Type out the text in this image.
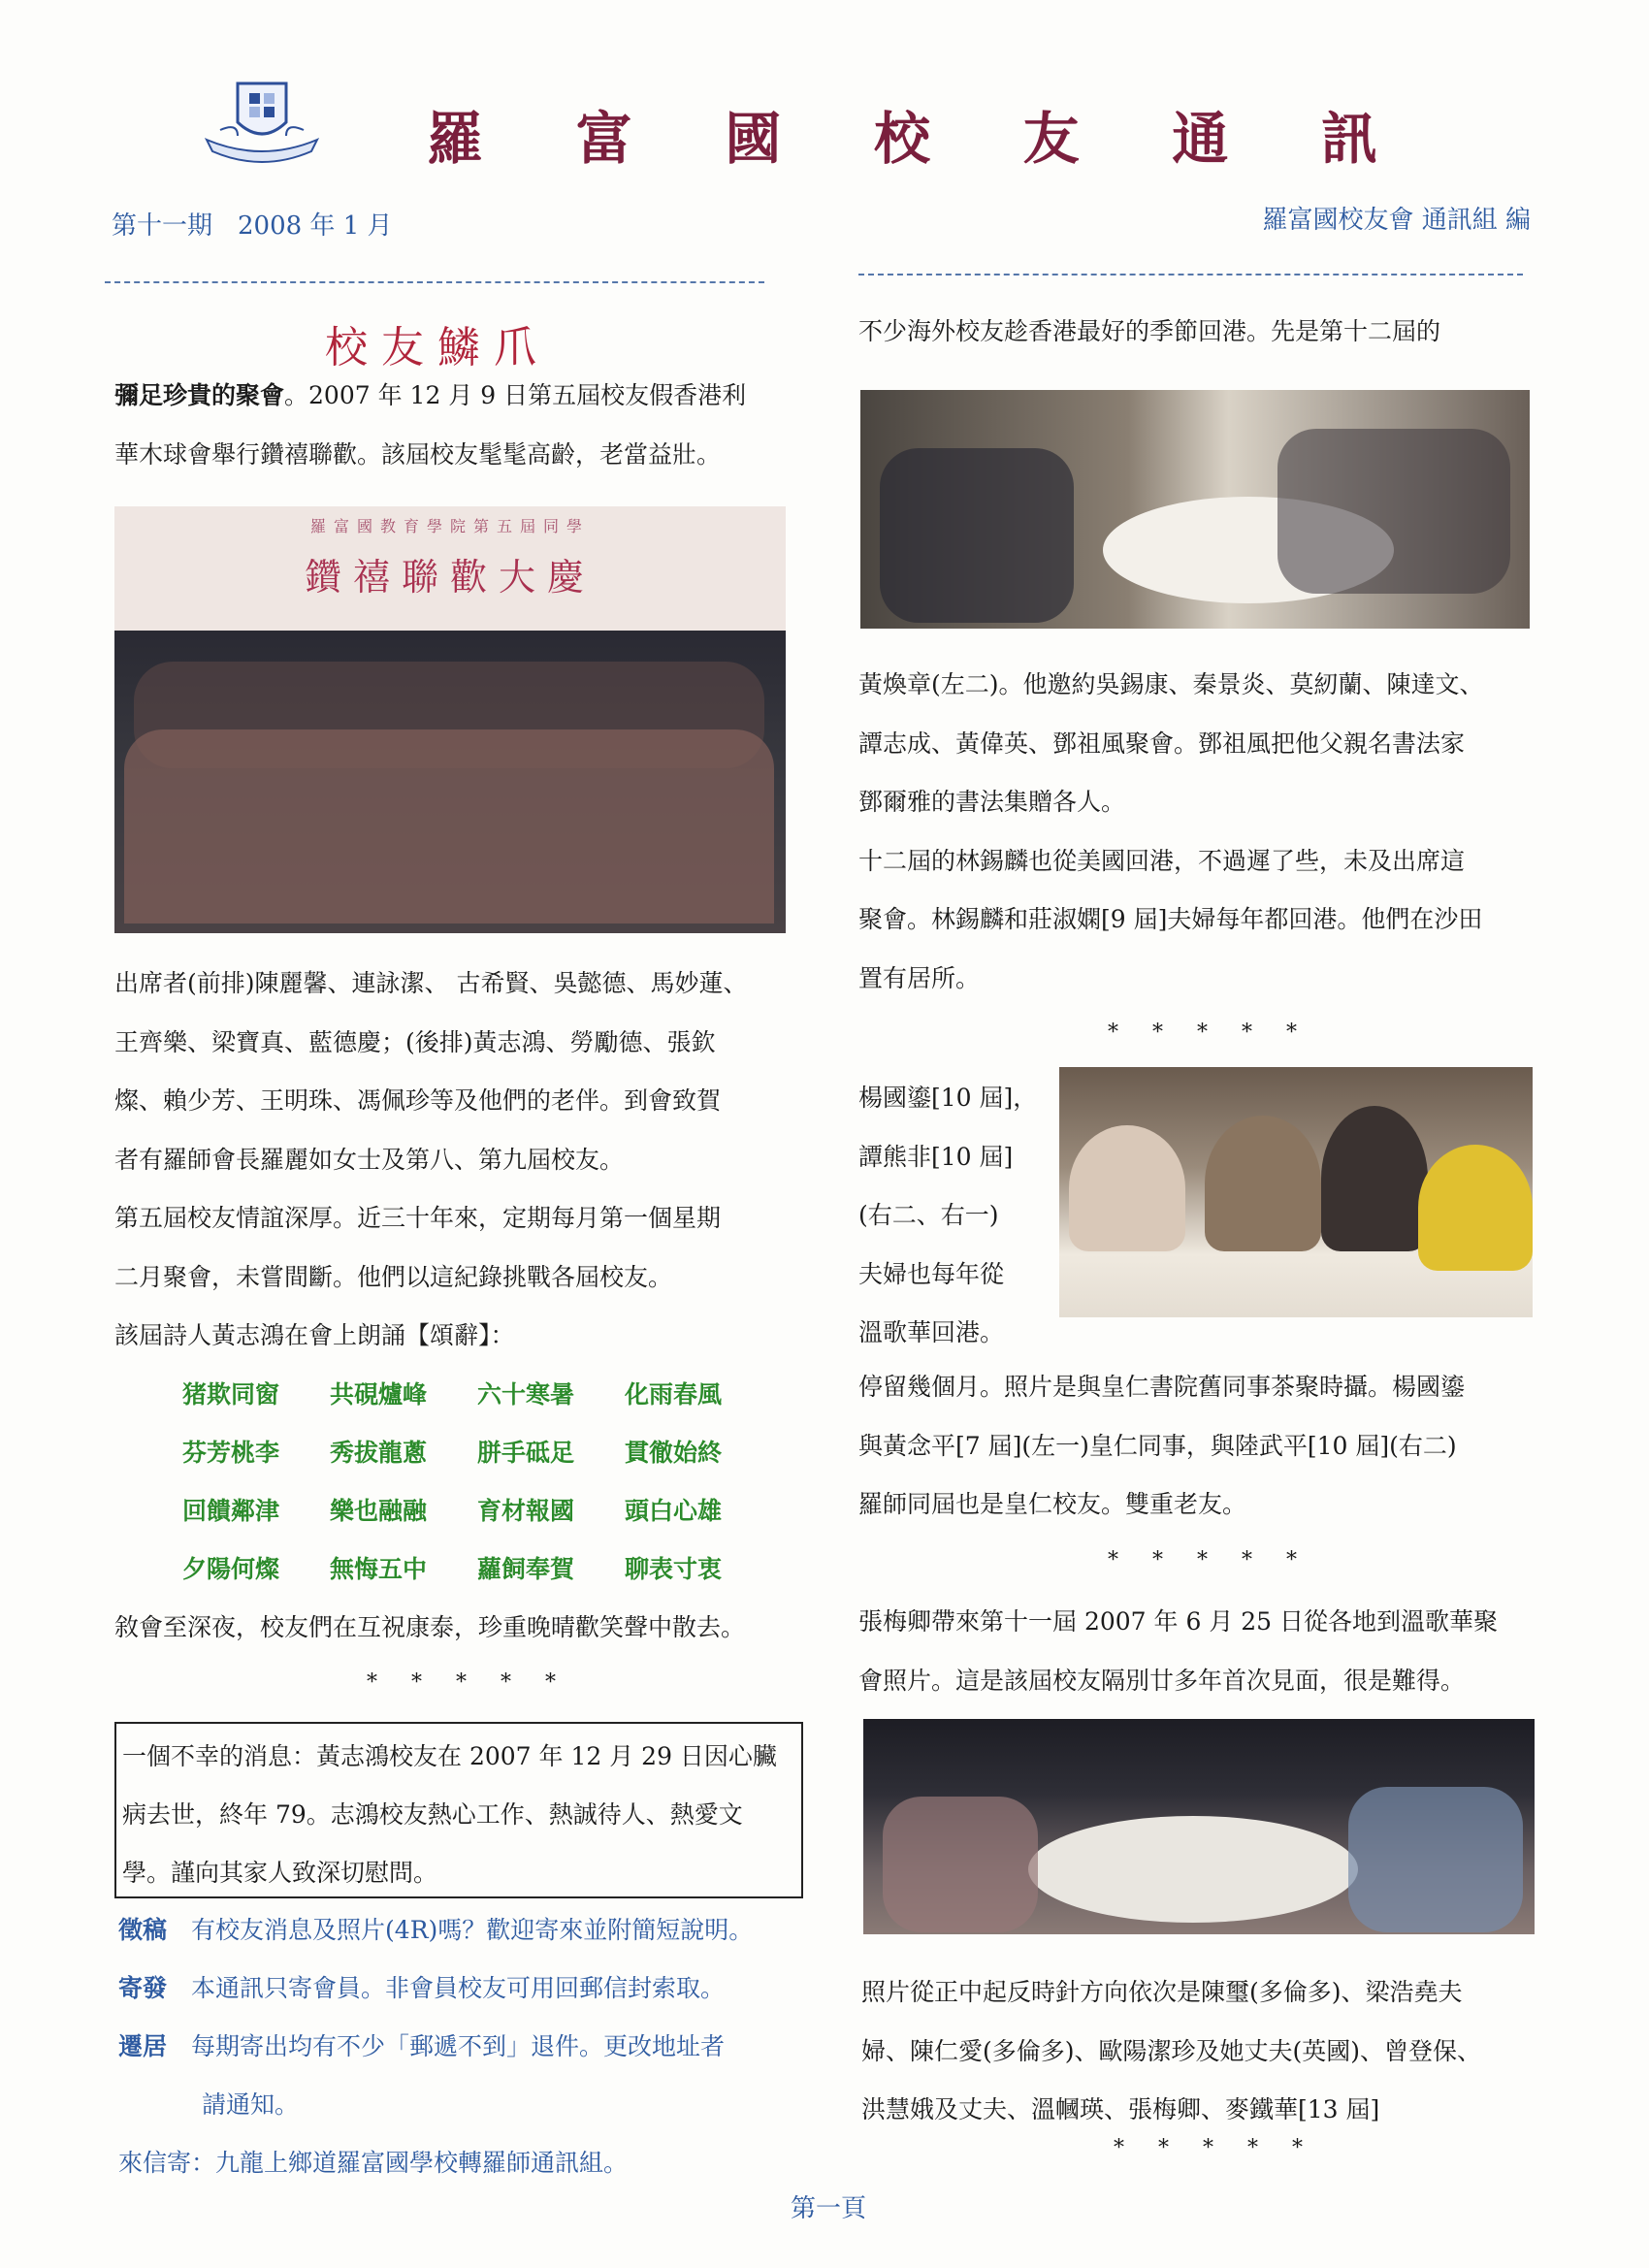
羅 富 國 校 友 通 訊
第十一期　2008 年 1 月	羅富國校友會 通訊組 編
校友鱗爪

彌足珍貴的聚會。2007 年 12 月 9 日第五屆校友假香港利

華木球會舉行鑽禧聯歡。該屆校友髦髦高齡，老當益壯。

羅富國教育學院第五屆同學
鑽禧聯歡大慶

出席者(前排)陳麗馨、連詠潔、 古希賢、吳懿德、馬妙蓮、

王齊樂、梁寶真、藍德慶；(後排)黃志鴻、勞勵德、張欽

燦、賴少芳、王明珠、馮佩珍等及他們的老伴。到會致賀

者有羅師會長羅麗如女士及第八、第九屆校友。

第五屆校友情誼深厚。近三十年來，定期每月第一個星期

二月聚會，未嘗間斷。他們以這紀錄挑戰各屆校友。

該屆詩人黃志鴻在會上朗誦【頌辭】：

猪欺同窗 共硯爐峰 六十寒暑 化雨春風
芬芳桃李 秀拔龍蔥 胼手砥足 貫徹始終
回饋鄰津 樂也融融 育材報國 頭白心雄
夕陽何燦 無悔五中 蘿飼奉賀 聊表寸衷

敘會至深夜，校友們在互祝康泰，珍重晚晴歡笑聲中散去。

* * * * *
一個不幸的消息：黃志鴻校友在 2007 年 12 月 29 日因心臟
病去世，終年 79。志鴻校友熱心工作、熱誠待人、熱愛文
學。謹向其家人致深切慰問。
徵稿　 有校友消息及照片(4R)嗎？歡迎寄來並附簡短說明。
寄發　 本通訊只寄會員。非會員校友可用回郵信封索取。
遷居　 每期寄出均有不少「郵遞不到」退件。更改地址者
請通知。
來信寄：九龍上鄉道羅富國學校轉羅師通訊組。

不少海外校友趁香港最好的季節回港。先是第十二屆的

黃煥章(左二)。他邀約吳錫康、秦景炎、莫紉蘭、陳達文、

譚志成、黃偉英、鄧祖風聚會。鄧祖風把他父親名書法家

鄧爾雅的書法集贈各人。

十二屆的林錫麟也從美國回港，不過遲了些，未及出席這

聚會。林錫麟和莊淑嫻[9 屆]夫婦每年都回港。他們在沙田

置有居所。

* * * * *

楊國鎏[10 屆]，

譚熊非[10 屆]

(右二、右一)

夫婦也每年從

溫歌華回港。

停留幾個月。照片是與皇仁書院舊同事茶聚時攝。楊國鎏

與黃念平[7 屆](左一)皇仁同事，與陸武平[10 屆](右二)

羅師同屆也是皇仁校友。雙重老友。

* * * * *

張梅卿帶來第十一屆 2007 年 6 月 25 日從各地到溫歌華聚

會照片。這是該屆校友隔別廿多年首次見面，很是難得。

照片從正中起反時針方向依次是陳璽(多倫多)、梁浩堯夫

婦、陳仁愛(多倫多)、歐陽潔珍及她丈夫(英國)、曾登保、

洪慧娥及丈夫、溫幗瑛、張梅卿、麥鐵華[13 屆]

* * * * *
第一頁
